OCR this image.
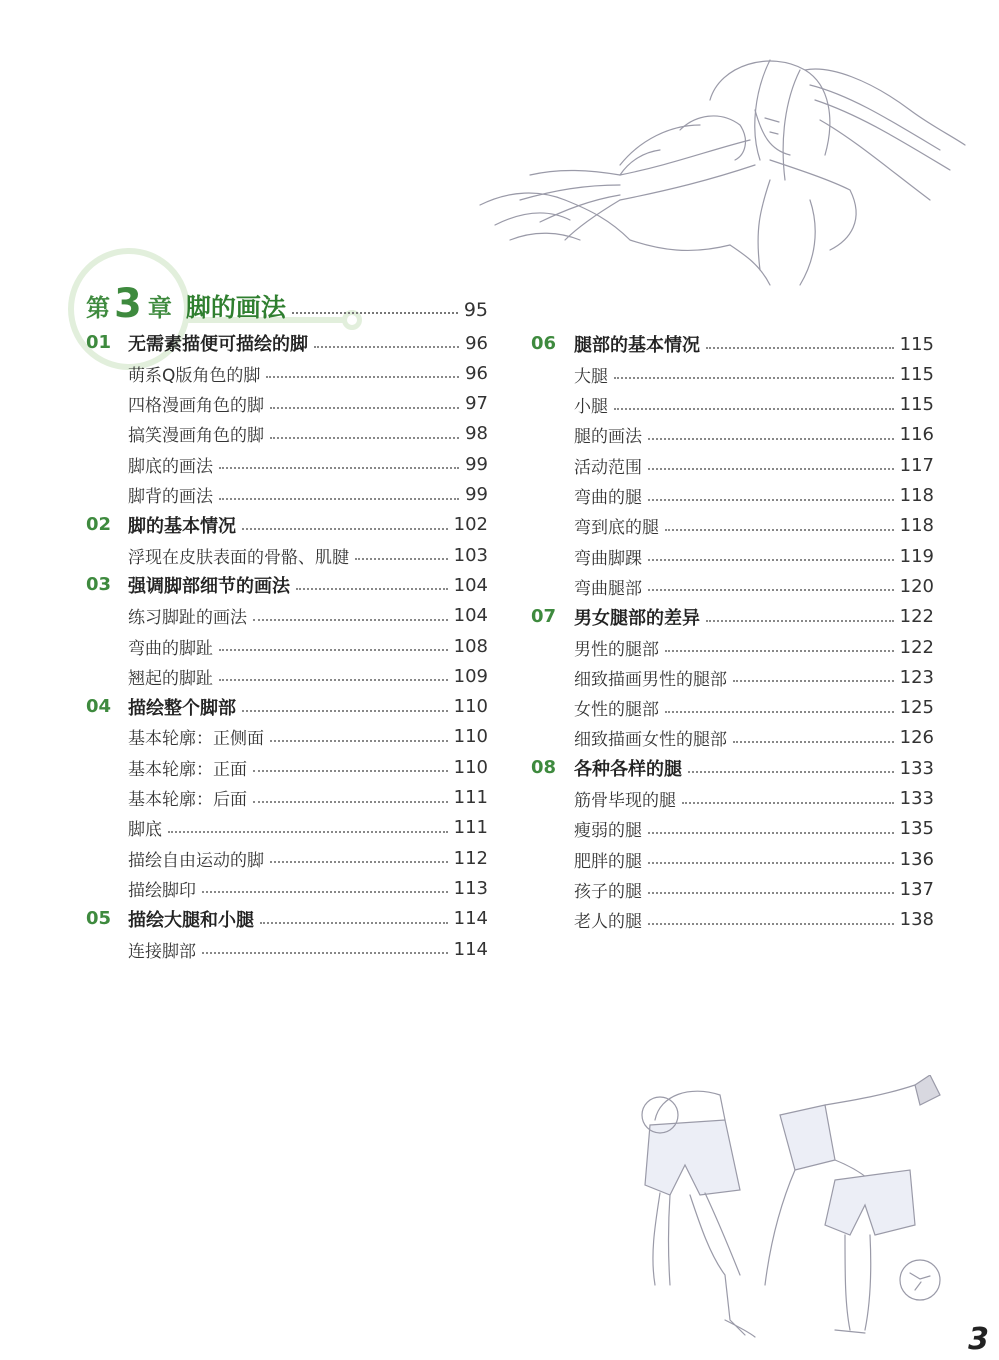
第 3 章 脚的画法	95
01 无需素描便可描绘的脚	96
萌系Q版角色的脚	96
四格漫画角色的脚	97
搞笑漫画角色的脚	98
脚底的画法	99
脚背的画法	99
02 脚的基本情况	102
浮现在皮肤表面的骨骼、肌腱	103
03 强调脚部细节的画法	104
练习脚趾的画法	104
弯曲的脚趾	108
翘起的脚趾	109
04 描绘整个脚部	110
基本轮廓：正侧面	110
基本轮廓：正面	110
基本轮廓：后面	111
脚底	111
描绘自由运动的脚	112
描绘脚印	113
05 描绘大腿和小腿	114
连接脚部	114
06 腿部的基本情况	115
大腿	115
小腿	115
腿的画法	116
活动范围	117
弯曲的腿	118
弯到底的腿	118
弯曲脚踝	119
弯曲腿部	120
07 男女腿部的差异	122
男性的腿部	122
细致描画男性的腿部	123
女性的腿部	125
细致描画女性的腿部	126
08 各种各样的腿	133
筋骨毕现的腿	133
瘦弱的腿	135
肥胖的腿	136
孩子的腿	137
老人的腿	138
3
